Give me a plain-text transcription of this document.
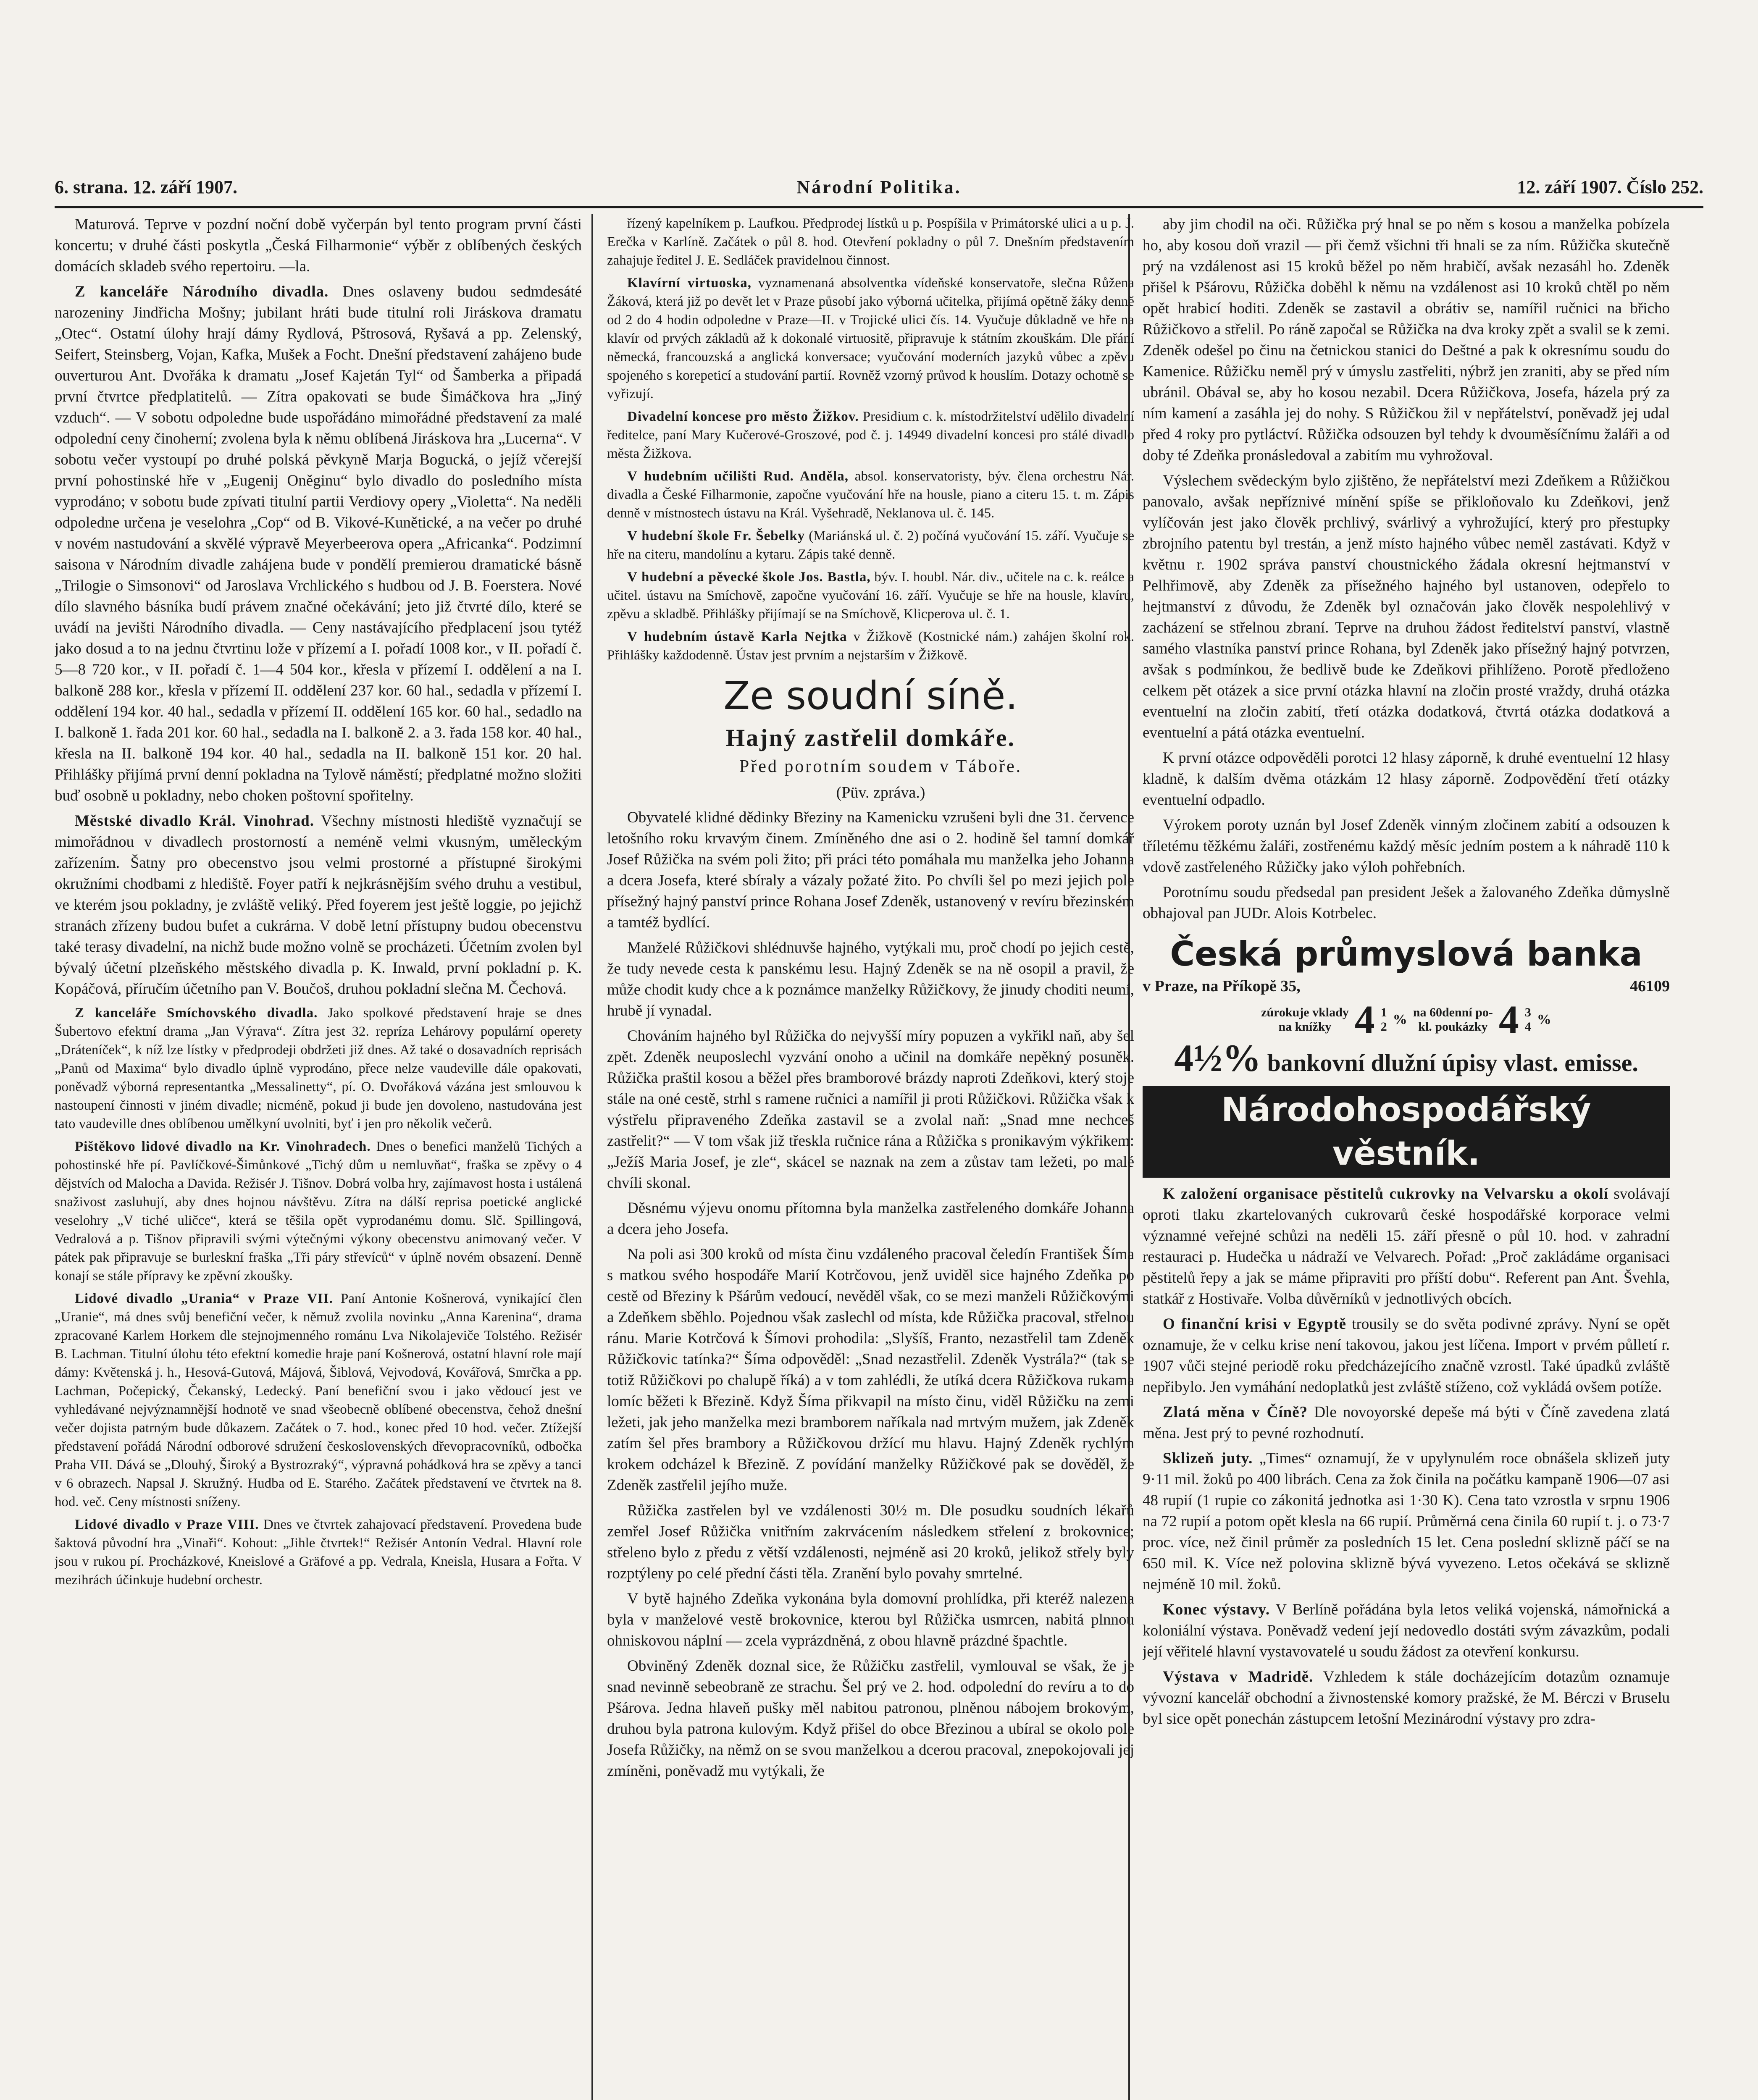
6. strana. 12. září 1907.	Národní Politika.	12. září 1907. Číslo 252.

Maturová. Teprve v pozdní noční době vyčerpán byl tento program první části koncertu; v druhé části poskytla „Česká Filharmonie“ výběr z oblíbených českých domácích skladeb svého repertoiru. —la.

Z kanceláře Národního divadla. Dnes oslaveny budou sedmdesáté narozeniny Jindřicha Mošny; jubilant hráti bude titulní roli Jiráskova dramatu „Otec“. Ostatní úlohy hrají dámy Rydlová, Pštrosová, Ryšavá a pp. Zelenský, Seifert, Steinsberg, Vojan, Kafka, Mušek a Focht. Dnešní představení zahájeno bude ouverturou Ant. Dvořáka k dramatu „Josef Kajetán Tyl“ od Šamberka a připadá první čtvrtce předplatitelů. — Zítra opakovati se bude Šimáčkova hra „Jiný vzduch“. — V sobotu odpoledne bude uspořádáno mimořádné představení za malé odpolední ceny činoherní; zvolena byla k němu oblíbená Jiráskova hra „Lucerna“. V sobotu večer vystoupí po druhé polská pěvkyně Marja Bogucká, o jejíž včerejší první pohostinské hře v „Eugenij Oněginu“ bylo divadlo do posledního místa vyprodáno; v sobotu bude zpívati titulní partii Verdiovy opery „Violetta“. Na neděli odpoledne určena je veselohra „Cop“ od B. Vikové-Kunětické, a na večer po druhé v novém nastudování a skvělé výpravě Meyerbeerova opera „Africanka“. Podzimní saisona v Národním divadle zahájena bude v pondělí premierou dramatické básně „Trilogie o Simsonovi“ od Jaroslava Vrchlického s hudbou od J. B. Foerstera. Nové dílo slavného básníka budí právem značné očekávání; jeto již čtvrté dílo, které se uvádí na jevišti Národního divadla. — Ceny nastávajícího předplacení jsou tytéž jako dosud a to na jednu čtvrtinu lože v přízemí a I. pořadí 1008 kor., v II. pořadí č. 5—8 720 kor., v II. pořadí č. 1—4 504 kor., křesla v přízemí I. oddělení a na I. balkoně 288 kor., křesla v přízemí II. oddělení 237 kor. 60 hal., sedadla v přízemí I. oddělení 194 kor. 40 hal., sedadla v přízemí II. oddělení 165 kor. 60 hal., sedadlo na I. balkoně 1. řada 201 kor. 60 hal., sedadla na I. balkoně 2. a 3. řada 158 kor. 40 hal., křesla na II. balkoně 194 kor. 40 hal., sedadla na II. balkoně 151 kor. 20 hal. Přihlášky přijímá první denní pokladna na Tylově náměstí; předplatné možno složiti buď osobně u pokladny, nebo choken poštovní spořitelny.

Městské divadlo Král. Vinohrad. Všechny místnosti hlediště vyznačují se mimořádnou v divadlech prostorností a neméně velmi vkusným, uměleckým zařízením. Šatny pro obecenstvo jsou velmi prostorné a přístupné širokými okružními chodbami z hlediště. Foyer patří k nejkrásnějším svého druhu a vestibul, ve kterém jsou pokladny, je zvláště veliký. Před foyerem jest ještě loggie, po jejichž stranách zřízeny budou bufet a cukrárna. V době letní přístupny budou obecenstvu také terasy divadelní, na nichž bude možno volně se procházeti. Účetním zvolen byl bývalý účetní plzeňského městského divadla p. K. Inwald, první pokladní p. K. Kopáčová, příručím účetního pan V. Boučoš, druhou pokladní slečna M. Čechová.

Z kanceláře Smíchovského divadla. Jako spolkové představení hraje se dnes Šubertovo efektní drama „Jan Výrava“. Zítra jest 32. repríza Lehárovy populární operety „Dráteníček“, k níž lze lístky v předprodeji obdržeti již dnes. Až také o dosavadních reprisách „Panů od Maxima“ bylo divadlo úplně vyprodáno, přece nelze vaudeville dále opakovati, poněvadž výborná representantka „Messalinetty“, pí. O. Dvořáková vázána jest smlouvou k nastoupení činnosti v jiném divadle; nicméně, pokud ji bude jen dovoleno, nastudována jest tato vaudeville dnes oblíbenou umělkyní uvolniti, byť i jen pro několik večerů.

Pištěkovo lidové divadlo na Kr. Vinohradech. Dnes o benefici manželů Tichých a pohostinské hře pí. Pavlíčkové-Šimůnkové „Tichý dům u nemluvňat“, fraška se zpěvy o 4 dějstvích od Malocha a Davida. Režisér J. Tišnov. Dobrá volba hry, zajímavost hosta i ustálená snaživost zasluhují, aby dnes hojnou návštěvu. Zítra na dálší reprisa poetické anglické veselohry „V tiché uličce“, která se těšila opět vyprodanému domu. Slč. Spillingová, Vedralová a p. Tišnov připravili svými výtečnými výkony obecenstvu animovaný večer. V pátek pak připravuje se burleskní fraška „Tři páry střevíců“ v úplně novém obsazení. Denně konají se stále přípravy ke zpěvní zkoušky.

Lidové divadlo „Urania“ v Praze VII. Paní Antonie Košnerová, vynikající člen „Uranie“, má dnes svůj benefiční večer, k němuž zvolila novinku „Anna Karenina“, drama zpracované Karlem Horkem dle stejnojmenného románu Lva Nikolajeviče Tolstého. Režisér B. Lachman. Titulní úlohu této efektní komedie hraje paní Košnerová, ostatní hlavní role mají dámy: Květenská j. h., Hesová-Gutová, Májová, Šiblová, Vejvodová, Kovářová, Smrčka a pp. Lachman, Počepický, Čekanský, Ledecký. Paní benefiční svou i jako vědoucí jest ve vyhledávané nejvýznamnější hodnotě ve snad všeobecně oblíbené obecenstva, čehož dnešní večer dojista patrným bude důkazem. Začátek o 7. hod., konec před 10 hod. večer. Ztížejší představení pořádá Národní odborové sdružení československých dřevopracovníků, odbočka Praha VII. Dává se „Dlouhý, Široký a Bystrozraký“, výpravná pohádková hra se zpěvy a tanci v 6 obrazech. Napsal J. Skružný. Hudba od E. Starého. Začátek představení ve čtvrtek na 8. hod. več. Ceny místnosti sníženy.

Lidové divadlo v Praze VIII. Dnes ve čtvrtek zahajovací představení. Provedena bude šaktová původní hra „Vinaři“. Kohout: „Jihle čtvrtek!“ Režisér Antonín Vedral. Hlavní role jsou v rukou pí. Procházkové, Kneislové a Gräfové a pp. Vedrala, Kneisla, Husara a Fořta. V mezihrách účinkuje hudební orchestr.

řízený kapelníkem p. Laufkou. Předprodej lístků u p. Pospíšila v Primátorské ulici a u p. J. Erečka v Karlíně. Začátek o půl 8. hod. Otevření pokladny o půl 7. Dnešním představením zahajuje ředitel J. E. Sedláček pravidelnou činnost.

Klavírní virtuoska, vyznamenaná absolventka vídeňské konservatoře, slečna Růžena Žáková, která již po devět let v Praze působí jako výborná učitelka, přijímá opětně žáky denně od 2 do 4 hodin odpoledne v Praze—II. v Trojické ulici čís. 14. Vyučuje důkladně ve hře na klavír od prvých základů až k dokonalé virtuositě, připravuje k státním zkouškám. Dle přání německá, francouzská a anglická konversace; vyučování moderních jazyků vůbec a zpěvu spojeného s korepeticí a studování partií. Rovněž vzorný průvod k houslím. Dotazy ochotně se vyřizují.

Divadelní koncese pro město Žižkov. Presidium c. k. místodržitelství udělilo divadelní ředitelce, paní Mary Kučerové-Groszové, pod č. j. 14949 divadelní koncesi pro stálé divadlo města Žižkova.

V hudebním učilišti Rud. Anděla, absol. konservatoristy, býv. člena orchestru Nár. divadla a České Filharmonie, započne vyučování hře na housle, piano a citeru 15. t. m. Zápis denně v místnostech ústavu na Král. Vyšehradě, Neklanova ul. č. 145.

V hudební škole Fr. Šebelky (Mariánská ul. č. 2) počíná vyučování 15. září. Vyučuje se hře na citeru, mandolínu a kytaru. Zápis také denně.

V hudební a pěvecké škole Jos. Bastla, býv. I. houbl. Nár. div., učitele na c. k. reálce a učitel. ústavu na Smíchově, započne vyučování 16. září. Vyučuje se hře na housle, klavíru, zpěvu a skladbě. Přihlášky přijímají se na Smíchově, Klicperova ul. č. 1.

V hudebním ústavě Karla Nejtka v Žižkově (Kostnické nám.) zahájen školní rok. Přihlášky každodenně. Ústav jest prvním a nejstarším v Žižkově.

Ze soudní síně.
Hajný zastřelil domkáře.

Před porotním soudem v Táboře.

(Püv. zpráva.)

Obyvatelé klidné dědinky Březiny na Kamenicku vzrušeni byli dne 31. července letošního roku krvavým činem. Zmíněného dne asi o 2. hodině šel tamní domkář Josef Růžička na svém poli žito; při práci této pomáhala mu manželka jeho Johanna a dcera Josefa, které sbíraly a vázaly požaté žito. Po chvíli šel po mezi jejich pole přísežný hajný panství prince Rohana Josef Zdeněk, ustanovený v revíru březinském a tamtéž bydlící.

Manželé Růžičkovi shlédnuvše hajného, vytýkali mu, proč chodí po jejich cestě, že tudy nevede cesta k panskému lesu. Hajný Zdeněk se na ně osopil a pravil, že může chodit kudy chce a k poznámce manželky Růžičkovy, že jinudy choditi neumí, hrubě jí vynadal.

Chováním hajného byl Růžička do nejvyšší míry popuzen a vykřikl naň, aby šel zpět. Zdeněk neuposlechl vyzvání onoho a učinil na domkáře nepěkný posuněk. Růžička praštil kosou a běžel přes bramborové brázdy naproti Zdeňkovi, který stoje stále na oné cestě, strhl s ramene ručnici a namířil ji proti Růžičkovi. Růžička však k výstřelu připraveného Zdeňka zastavil se a zvolal naň: „Snad mne nechceš zastřelit?“ — V tom však již třeskla ručnice rána a Růžička s pronikavým výkřikem: „Ježíš Maria Josef, je zle“, skácel se naznak na zem a zůstav tam ležeti, po malé chvíli skonal.

Děsnému výjevu onomu přítomna byla manželka zastřeleného domkáře Johanna a dcera jeho Josefa.

Na poli asi 300 kroků od místa činu vzdáleného pracoval čeledín František Šíma s matkou svého hospodáře Marií Kotrčovou, jenž uviděl sice hajného Zdeňka po cestě od Březiny k Pšárům vedoucí, nevěděl však, co se mezi manželi Růžičkovými a Zdeňkem sběhlo. Pojednou však zaslechl od místa, kde Růžička pracoval, střelnou ránu. Marie Kotrčová k Šímovi prohodila: „Slyšíš, Franto, nezastřelil tam Zdeněk Růžičkovic tatínka?“ Šíma odpověděl: „Snad nezastřelil. Zdeněk Vystrála?“ (tak se totiž Růžičkovi po chalupě říká) a v tom zahlédli, že utíká dcera Růžičkova rukama lomíc běžeti k Březině. Když Šíma přikvapil na místo činu, viděl Růžičku na zemi ležeti, jak jeho manželka mezi bramborem naříkala nad mrtvým mužem, jak Zdeněk zatím šel přes brambory a Růžičkovou držící mu hlavu. Hajný Zdeněk rychlým krokem odcházel k Březině. Z povídání manželky Růžičkové pak se dověděl, že Zdeněk zastřelil jejího muže.

Růžička zastřelen byl ve vzdálenosti 30½ m. Dle posudku soudních lékařů zemřel Josef Růžička vnitřním zakrvácením následkem střelení z brokovnice; střeleno bylo z předu z větší vzdálenosti, nejméně asi 20 kroků, jelikož střely byly rozptýleny po celé přední části těla. Zranění bylo povahy smrtelné.

V bytě hajného Zdeňka vykonána byla domovní prohlídka, při kteréž nalezena byla v manželové vestě brokovnice, kterou byl Růžička usmrcen, nabitá plnnou ohniskovou náplní — zcela vyprázdněná, z obou hlavně prázdné špachtle.

Obviněný Zdeněk doznal sice, že Růžičku zastřelil, vymlouval se však, že je snad nevinně sebeobraně ze strachu. Šel prý ve 2. hod. odpolední do revíru a to do Pšárova. Jedna hlaveň pušky měl nabitou patronou, plněnou nábojem brokovým, druhou byla patrona kulovým. Když přišel do obce Březinou a ubíral se okolo pole Josefa Růžičky, na němž on se svou manželkou a dcerou pracoval, znepokojovali jej zmíněni, poněvadž mu vytýkali, že

aby jim chodil na oči. Růžička prý hnal se po něm s kosou a manželka pobízela ho, aby kosou doň vrazil — při čemž všichni tři hnali se za ním. Růžička skutečně prý na vzdálenost asi 15 kroků běžel po něm hrabičí, avšak nezasáhl ho. Zdeněk přišel k Pšárovu, Růžička doběhl k němu na vzdálenost asi 10 kroků chtěl po něm opět hrabicí hoditi. Zdeněk se zastavil a obrátiv se, namířil ručnici na břicho Růžičkovo a střelil. Po ráně započal se Růžička na dva kroky zpět a svalil se k zemi. Zdeněk odešel po činu na četnickou stanici do Deštné a pak k okresnímu soudu do Kamenice. Růžičku neměl prý v úmyslu zastřeliti, nýbrž jen zraniti, aby se před ním ubránil. Obával se, aby ho kosou nezabil. Dcera Růžičkova, Josefa, házela prý za ním kamení a zasáhla jej do nohy. S Růžičkou žil v nepřátelství, poněvadž jej udal před 4 roky pro pytláctví. Růžička odsouzen byl tehdy k dvouměsíčnímu žaláři a od doby té Zdeňka pronásledoval a zabitím mu vyhrožoval.

Výslechem svědeckým bylo zjištěno, že nepřátelství mezi Zdeňkem a Růžičkou panovalo, avšak nepříznivé mínění spíše se přikloňovalo ku Zdeňkovi, jenž vylíčován jest jako člověk prchlivý, svárlivý a vyhrožující, který pro přestupky zbrojního patentu byl trestán, a jenž místo hajného vůbec neměl zastávati. Když v květnu r. 1902 správa panství choustnického žádala okresní hejtmanství v Pelhřimově, aby Zdeněk za přísežného hajného byl ustanoven, odepřelo to hejtmanství z důvodu, že Zdeněk byl označován jako člověk nespolehlivý v zacházení se střelnou zbraní. Teprve na druhou žádost ředitelství panství, vlastně samého vlastníka panství prince Rohana, byl Zdeněk jako přísežný hajný potvrzen, avšak s podmínkou, že bedlivě bude ke Zdeňkovi přihlíženo. Porotě předloženo celkem pět otázek a sice první otázka hlavní na zločin prosté vraždy, druhá otázka eventuelní na zločin zabití, třetí otázka dodatková, čtvrtá otázka dodatková a eventuelní a pátá otázka eventuelní.

K první otázce odpověděli porotci 12 hlasy záporně, k druhé eventuelní 12 hlasy kladně, k dalším dvěma otázkám 12 hlasy záporně. Zodpovědění třetí otázky eventuelní odpadlo.

Výrokem poroty uznán byl Josef Zdeněk vinným zločinem zabití a odsouzen k tříletému těžkému žaláři, zostřenému každý měsíc jedním postem a k náhradě 110 k vdově zastřeleného Růžičky jako výloh pohřebních.

Porotnímu soudu předsedal pan president Ješek a žalovaného Zdeňka důmyslně obhajoval pan JUDr. Alois Kotrbelec.

Česká průmyslová banka
v Praze, na Příkopě 35,	46109
zúrokuje vklady
na knížky 4 1
2 % na 60denní po-
kl. poukázky 4 3
4 %
4½% bankovní dlužní úpisy vlast. emisse.
Národohospodářský věstník.

K založení organisace pěstitelů cukrovky na Velvarsku a okolí svolávají oproti tlaku zkartelovaných cukrovarů české hospodářské korporace velmi významné veřejné schůzi na neděli 15. září přesně o půl 10. hod. v zahradní restauraci p. Hudečka u nádraží ve Velvarech. Pořad: „Proč zakládáme organisaci pěstitelů řepy a jak se máme připraviti pro příští dobu“. Referent pan Ant. Švehla, statkář z Hostivaře. Volba důvěrníků v jednotlivých obcích.

O finanční krisi v Egyptě trousily se do světa podivné zprávy. Nyní se opět oznamuje, že v celku krise není takovou, jakou jest líčena. Import v prvém půlletí r. 1907 vůči stejné periodě roku předcházejícího značně vzrostl. Také úpadků zvláště nepřibylo. Jen vymáhání nedoplatků jest zvláště stíženo, což vykládá ovšem potíže.

Zlatá měna v Číně? Dle novoyorské depeše má býti v Číně zavedena zlatá měna. Jest prý to pevné rozhodnutí.

Sklizeň juty. „Times“ oznamují, že v upylynulém roce obnášela sklizeň juty 9·11 mil. žoků po 400 librách. Cena za žok činila na počátku kampaně 1906—07 asi 48 rupií (1 rupie co zákonitá jednotka asi 1·30 K). Cena tato vzrostla v srpnu 1906 na 72 rupií a potom opět klesla na 66 rupií. Průměrná cena činila 60 rupií t. j. o 73·7 proc. více, než činil průměr za posledních 15 let. Cena poslední sklizně páčí se na 650 mil. K. Více než polovina sklizně bývá vyvezeno. Letos očekává se sklizně nejméně 10 mil. žoků.

Konec výstavy. V Berlíně pořádána byla letos veliká vojenská, námořnická a koloniální výstava. Poněvadž vedení její nedovedlo dostáti svým závazkům, podali její věřitelé hlavní vystavovatelé u soudu žádost za otevření konkursu.

Výstava v Madridě. Vzhledem k stále docházejícím dotazům oznamuje vývozní kancelář obchodní a živnostenské komory pražské, že M. Bérczi v Bruselu byl sice opět ponechán zástupcem letošní Mezinárodní výstavy pro zdra-
